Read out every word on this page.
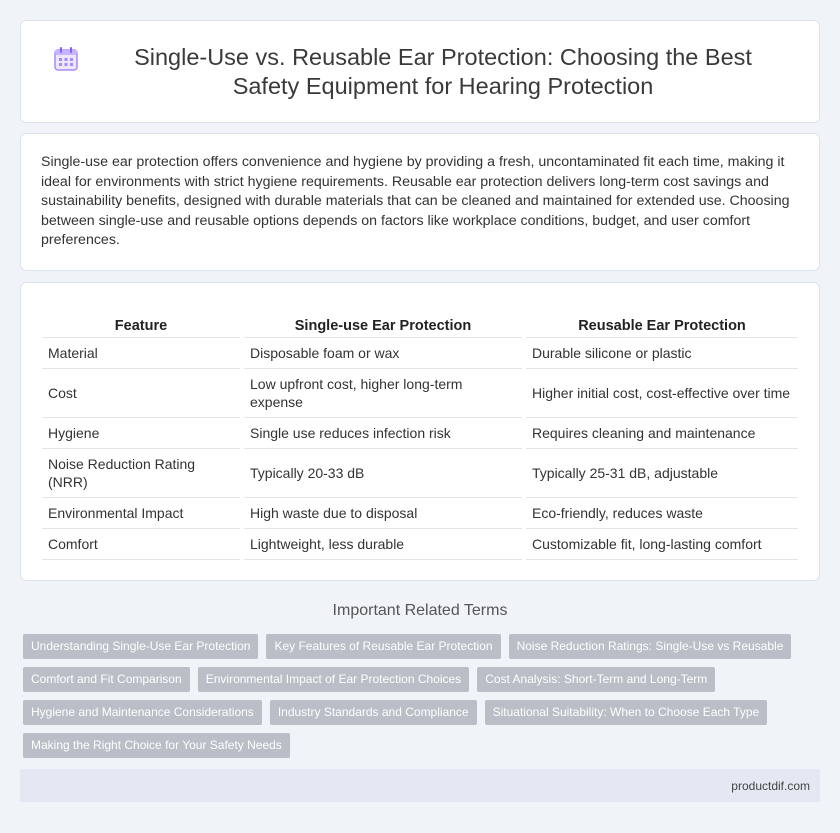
Single-Use vs. Reusable Ear Protection: Choosing the Best Safety Equipment for Hearing Protection

Single-use ear protection offers convenience and hygiene by providing a fresh, uncontaminated fit each time, making it ideal for environments with strict hygiene requirements. Reusable ear protection delivers long-term cost savings and sustainability benefits, designed with durable materials that can be cleaned and maintained for extended use. Choosing between single-use and reusable options depends on factors like workplace conditions, budget, and user comfort preferences.

Feature	Single-use Ear Protection	Reusable Ear Protection
Material	Disposable foam or wax	Durable silicone or plastic
Cost	Low upfront cost, higher long-term expense	Higher initial cost, cost-effective over time
Hygiene	Single use reduces infection risk	Requires cleaning and maintenance
Noise Reduction Rating (NRR)	Typically 20-33 dB	Typically 25-31 dB, adjustable
Environmental Impact	High waste due to disposal	Eco-friendly, reduces waste
Comfort	Lightweight, less durable	Customizable fit, long-lasting comfort
Important Related Terms
Understanding Single-Use Ear Protection	Key Features of Reusable Ear Protection	Noise Reduction Ratings: Single-Use vs Reusable
Comfort and Fit Comparison	Environmental Impact of Ear Protection Choices	Cost Analysis: Short-Term and Long-Term
Hygiene and Maintenance Considerations	Industry Standards and Compliance	Situational Suitability: When to Choose Each Type
Making the Right Choice for Your Safety Needs
productdif.com
